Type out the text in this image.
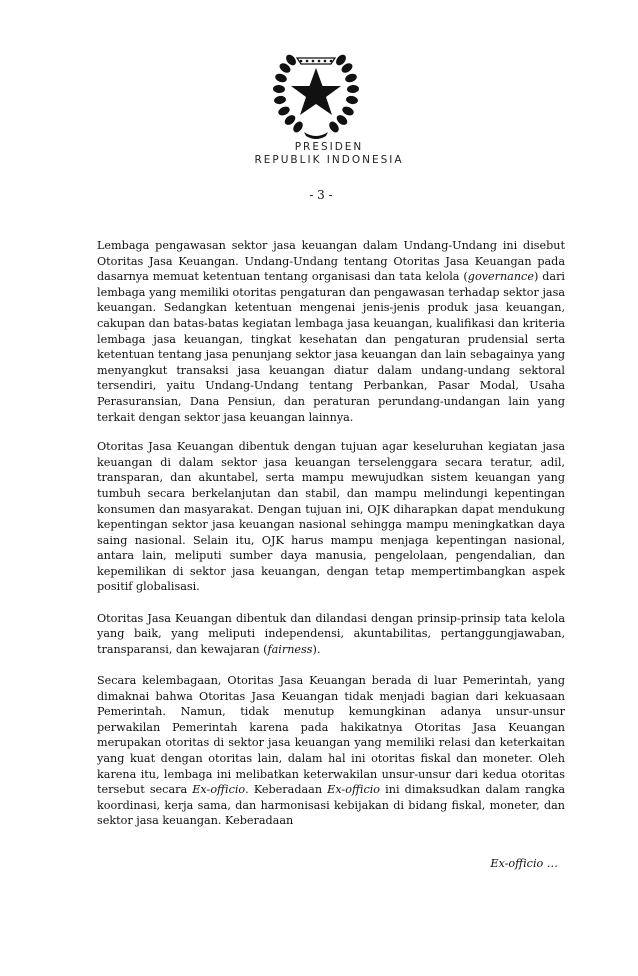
PRESIDEN
REPUBLIK INDONESIA
- 3 -

Lembaga pengawasan sektor jasa keuangan dalam Undang-Undang ini disebut Otoritas Jasa Keuangan. Undang-Undang tentang Otoritas Jasa Keuangan pada dasarnya memuat ketentuan tentang organisasi dan tata kelola (governance) dari lembaga yang memiliki otoritas pengaturan dan pengawasan terhadap sektor jasa keuangan. Sedangkan ketentuan mengenai jenis-jenis produk jasa keuangan, cakupan dan batas-batas kegiatan lembaga jasa keuangan, kualifikasi dan kriteria lembaga jasa keuangan, tingkat kesehatan dan pengaturan prudensial serta ketentuan tentang jasa penunjang sektor jasa keuangan dan lain sebagainya yang menyangkut transaksi jasa keuangan diatur dalam undang-undang sektoral tersendiri, yaitu Undang-Undang tentang Perbankan, Pasar Modal, Usaha Perasuransian, Dana Pensiun, dan peraturan perundang-undangan lain yang terkait dengan sektor jasa keuangan lainnya.

Otoritas Jasa Keuangan dibentuk dengan tujuan agar keseluruhan kegiatan jasa keuangan di dalam sektor jasa keuangan terselenggara secara teratur, adil, transparan, dan akuntabel, serta mampu mewujudkan sistem keuangan yang tumbuh secara berkelanjutan dan stabil, dan mampu melindungi kepentingan konsumen dan masyarakat. Dengan tujuan ini, OJK diharapkan dapat mendukung kepentingan sektor jasa keuangan nasional sehingga mampu meningkatkan daya saing nasional. Selain itu, OJK harus mampu menjaga kepentingan nasional, antara lain, meliputi sumber daya manusia, pengelolaan, pengendalian, dan kepemilikan di sektor jasa keuangan, dengan tetap mempertimbangkan aspek positif globalisasi.

Otoritas Jasa Keuangan dibentuk dan dilandasi dengan prinsip-prinsip tata kelola yang baik, yang meliputi independensi, akuntabilitas, pertanggungjawaban, transparansi, dan kewajaran (fairness).

Secara kelembagaan, Otoritas Jasa Keuangan berada di luar Pemerintah, yang dimaknai bahwa Otoritas Jasa Keuangan tidak menjadi bagian dari kekuasaan Pemerintah. Namun, tidak menutup kemungkinan adanya unsur-unsur perwakilan Pemerintah karena pada hakikatnya Otoritas Jasa Keuangan merupakan otoritas di sektor jasa keuangan yang memiliki relasi dan keterkaitan yang kuat dengan otoritas lain, dalam hal ini otoritas fiskal dan moneter. Oleh karena itu, lembaga ini melibatkan keterwakilan unsur-unsur dari kedua otoritas tersebut secara Ex-officio. Keberadaan Ex-officio ini dimaksudkan dalam rangka koordinasi, kerja sama, dan harmonisasi kebijakan di bidang fiskal, moneter, dan sektor jasa keuangan. Keberadaan

Ex-officio …
